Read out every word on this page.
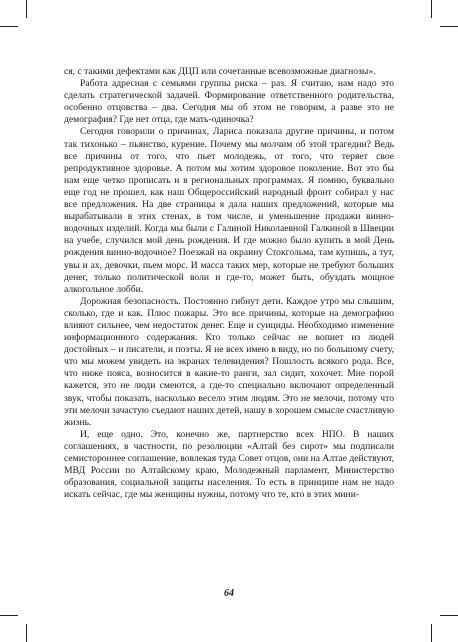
ся, с такими дефектами как ДЦП или сочетанные всевозможные диагнозы».

Работа адресная с семьями группы риска – раз. Я считаю, нам надо это сделать стратегической задачей. Формирование ответственного родительства, особенно отцовства – два. Сегодня мы об этом не говорим, а разве это не демография? Где нет отца, где мать-одиночка?

Сегодня говорили о причинах, Лариса показала другие причины, и потом так тихонько – пьянство, курение. Почему мы молчим об этой трагедии? Ведь все причины от того, что пьет молодежь, от того, что теряет свое репродуктивное здоровье. А потом мы хотим здоровое поколение. Вот это бы нам еще четко прописать и в региональных программах. Я помню, буквально еще год не прошел, как наш Общероссийский народный фронт собирал у нас все предложения. На две страницы я дала наших предложений, которые мы вырабатывали в этих стенах, в том числе, и уменьшение продажи винно-водочных изделий. Когда мы были с Галиной Николаевной Галкиной в Швеции на учебе, случился мой день рождения. И где можно было купить в мой День рождения винно-водочное? Поезжай на окраину Стокгольма, там купишь, а тут, увы и ах, девочки, пьем морс. И масса таких мер, которые не требуют больших денег, только политической воли и где-то, может быть, обуздать мощное алкогольное лобби.

Дорожная безопасность. Постоянно гибнут дети. Каждое утро мы слышим, сколько, где и как. Плюс пожары. Это все причины, которые на демографию влияют сильнее, чем недостаток денег. Еще и суициды. Необходимо изменение информационного содержания. Кто только сейчас не вопиет из людей достойных – и писатели, и поэты. Я не всех имею в виду, но по большому счету, что мы можем увидеть на экранах телевидения? Пошлость всякого рода. Все, что ниже пояса, возносится в какие-то ранги, зал сидит, хохочет. Мне порой кажется, это не люди смеются, а где-то специально включают определенный звук, чтобы показать, насколько весело этим людям. Это не мелочи, потому что эти мелочи зачастую съедают наших детей, нашу в хорошем смысле счастливую жизнь.

И, еще одно. Это, конечно же, партнерство всех НПО. В наших соглашениях, в частности, по резолюции «Алтай без сирот» мы подписали семистороннее соглашение, вовлекая туда Совет отцов, они на Алтае действуют, МВД России по Алтайскому краю, Молодежный парламент, Министерство образования, социальной защиты населения. То есть в принципе нам не надо искать сейчас, где мы женщины нужны, потому что те, кто в этих мини-

64
